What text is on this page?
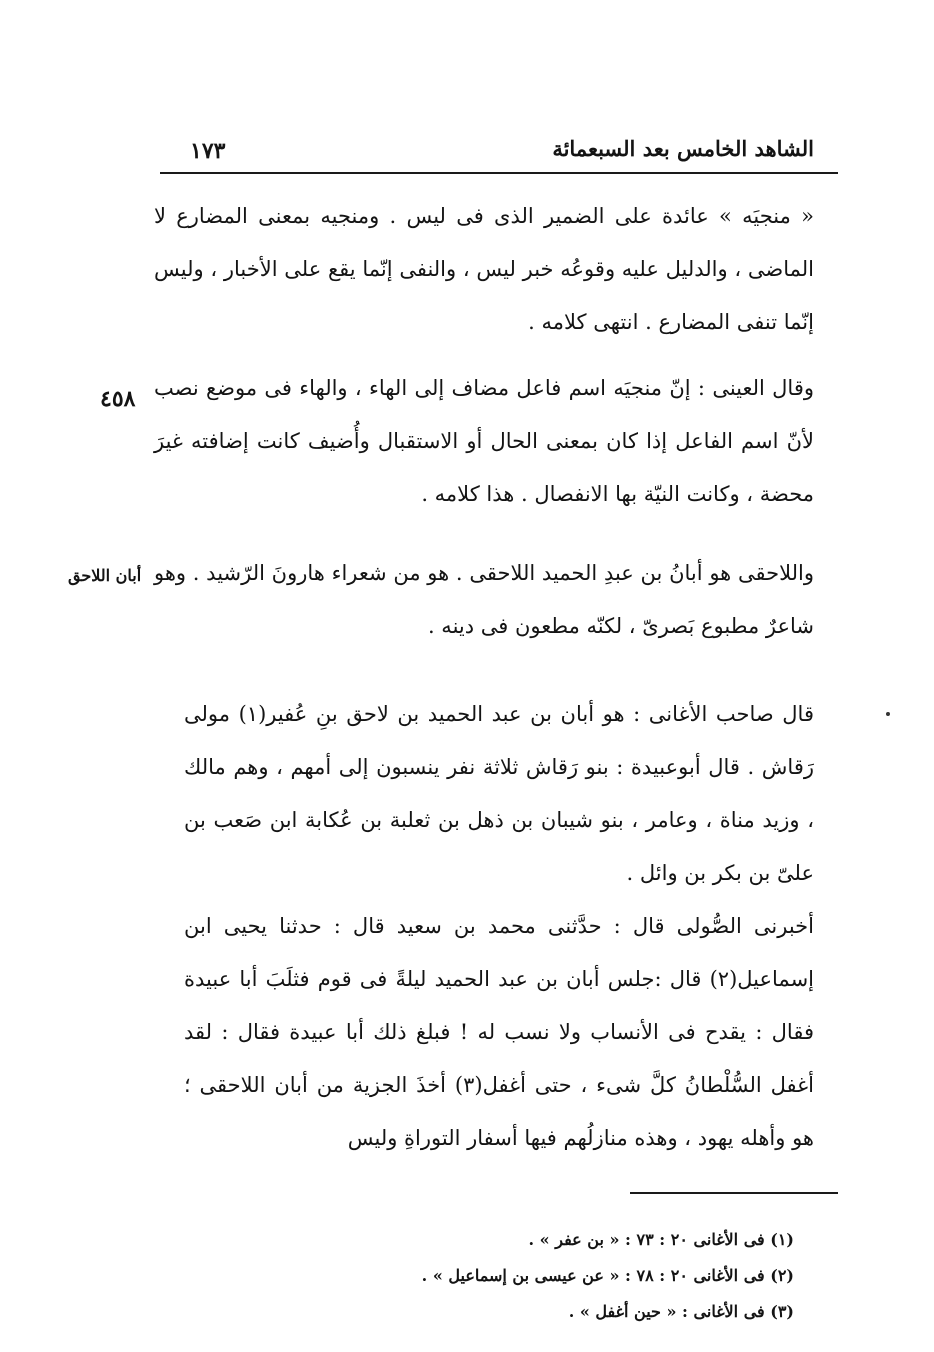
الشاهد الخامس بعد السبعمائة
١٧٣

« منجيَه » عائدة على الضمير الذى فى ليس . ومنجيه بمعنى المضارع لا الماضى ، والدليل عليه وقوعُه خبر ليس ، والنفى إنّما يقع على الأخبار ، وليس إنّما تنفى المضارع . انتهى كلامه .

٤٥٨ وقال العينى : إنّ منجيَه اسم فاعل مضاف إلى الهاء ، والهاء فى موضع نصب لأنّ اسم الفاعل إذا كان بمعنى الحال أو الاستقبال وأُضيف كانت إضافته غيرَ محضة ، وكانت النيّة بها الانفصال . هذا كلامه .

أبان اللاحق واللاحقى هو أبانُ بن عبدِ الحميد اللاحقى . هو من شعراء هارونَ الرّشيد . وهو شاعرٌ مطبوع بَصرىّ ، لكنّه مطعون فى دينه .

قال صاحب الأغانى : هو أبان بن عبد الحميد بن لاحق بنِ عُفير(١) مولى رَقاش . قال أبوعبيدة : بنو رَقاش ثلاثة نفر ينسبون إلى أمهم ، وهم مالك ، وزيد مناة ، وعامر ، بنو شيبان بن ذهل بن ثعلبة بن عُكابة ابن صَعب بن علىّ بن بكر بن وائل .

أخبرنى الصُّولى قال : حدَّثنى محمد بن سعيد قال : حدثنا يحيى ابن إسماعيل(٢) قال :جلس أبان بن عبد الحميد ليلةً فى قوم فثلَبَ أبا عبيدة فقال : يقدح فى الأنساب ولا نسب له ! فبلغ ذلك أبا عبيدة فقال : لقد أغفل السُّلْطانُ كلَّ شىء ، حتى أغفل(٣) أخذَ الجزية من أبان اللاحقى ؛ هو وأهله يهود ، وهذه منازلُهم فيها أسفار التوراةِ وليس

(١) فى الأغانى ٢٠ : ٧٣ : « بن عفر » .
(٢) فى الأغانى ٢٠ : ٧٨ : « عن عيسى بن إسماعيل » .
(٣) فى الأغانى : « حين أغفل » .
